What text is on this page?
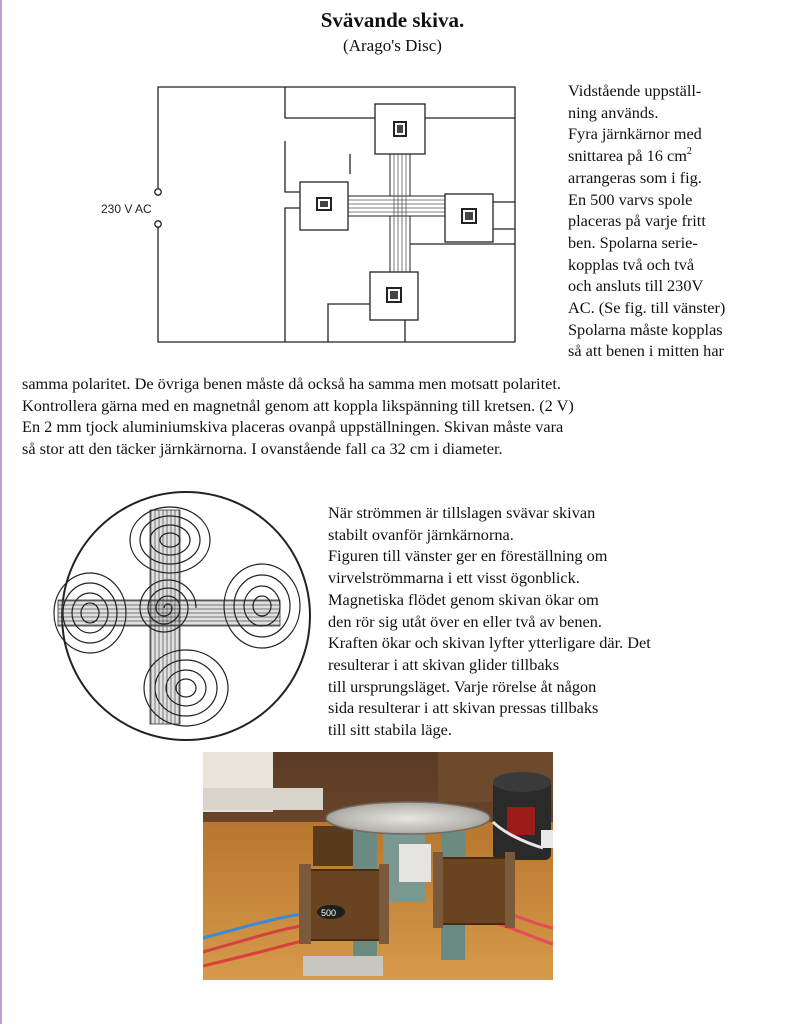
Svävande skiva.
(Arago's Disc)
230 V AC
Vidstående uppställ-
ning används.
Fyra järnkärnor med
snittarea på 16 $cm^2$
arrangeras som i fig.
En 500 varvs spole
placeras på varje fritt
ben. Spolarna serie-
kopplas två och två
och ansluts till 230V
AC. (Se fig. till vänster)
Spolarna måste kopplas
så att benen i mitten har
samma polaritet. De övriga benen måste då också ha samma men motsatt polaritet.
Kontrollera gärna med en magnetnål genom att koppla likspänning till kretsen. (2 V)
En 2 mm tjock aluminiumskiva placeras ovanpå uppställningen. Skivan måste vara
så stor att den täcker järnkärnorna. I ovanstående fall ca 32 cm i diameter.
När strömmen är tillslagen svävar skivan
stabilt ovanför järnkärnorna.
Figuren till vänster ger en föreställning om
virvelströmmarna i ett visst ögonblick.
Magnetiska flödet genom skivan ökar om
den rör sig utåt över en eller två av benen.
Kraften ökar och skivan lyfter ytterligare där. Det
resulterar i att skivan glider tillbaks
till ursprungsläget. Varje rörelse åt någon
sida resulterar i att skivan pressas tillbaks
till sitt stabila läge.
500
